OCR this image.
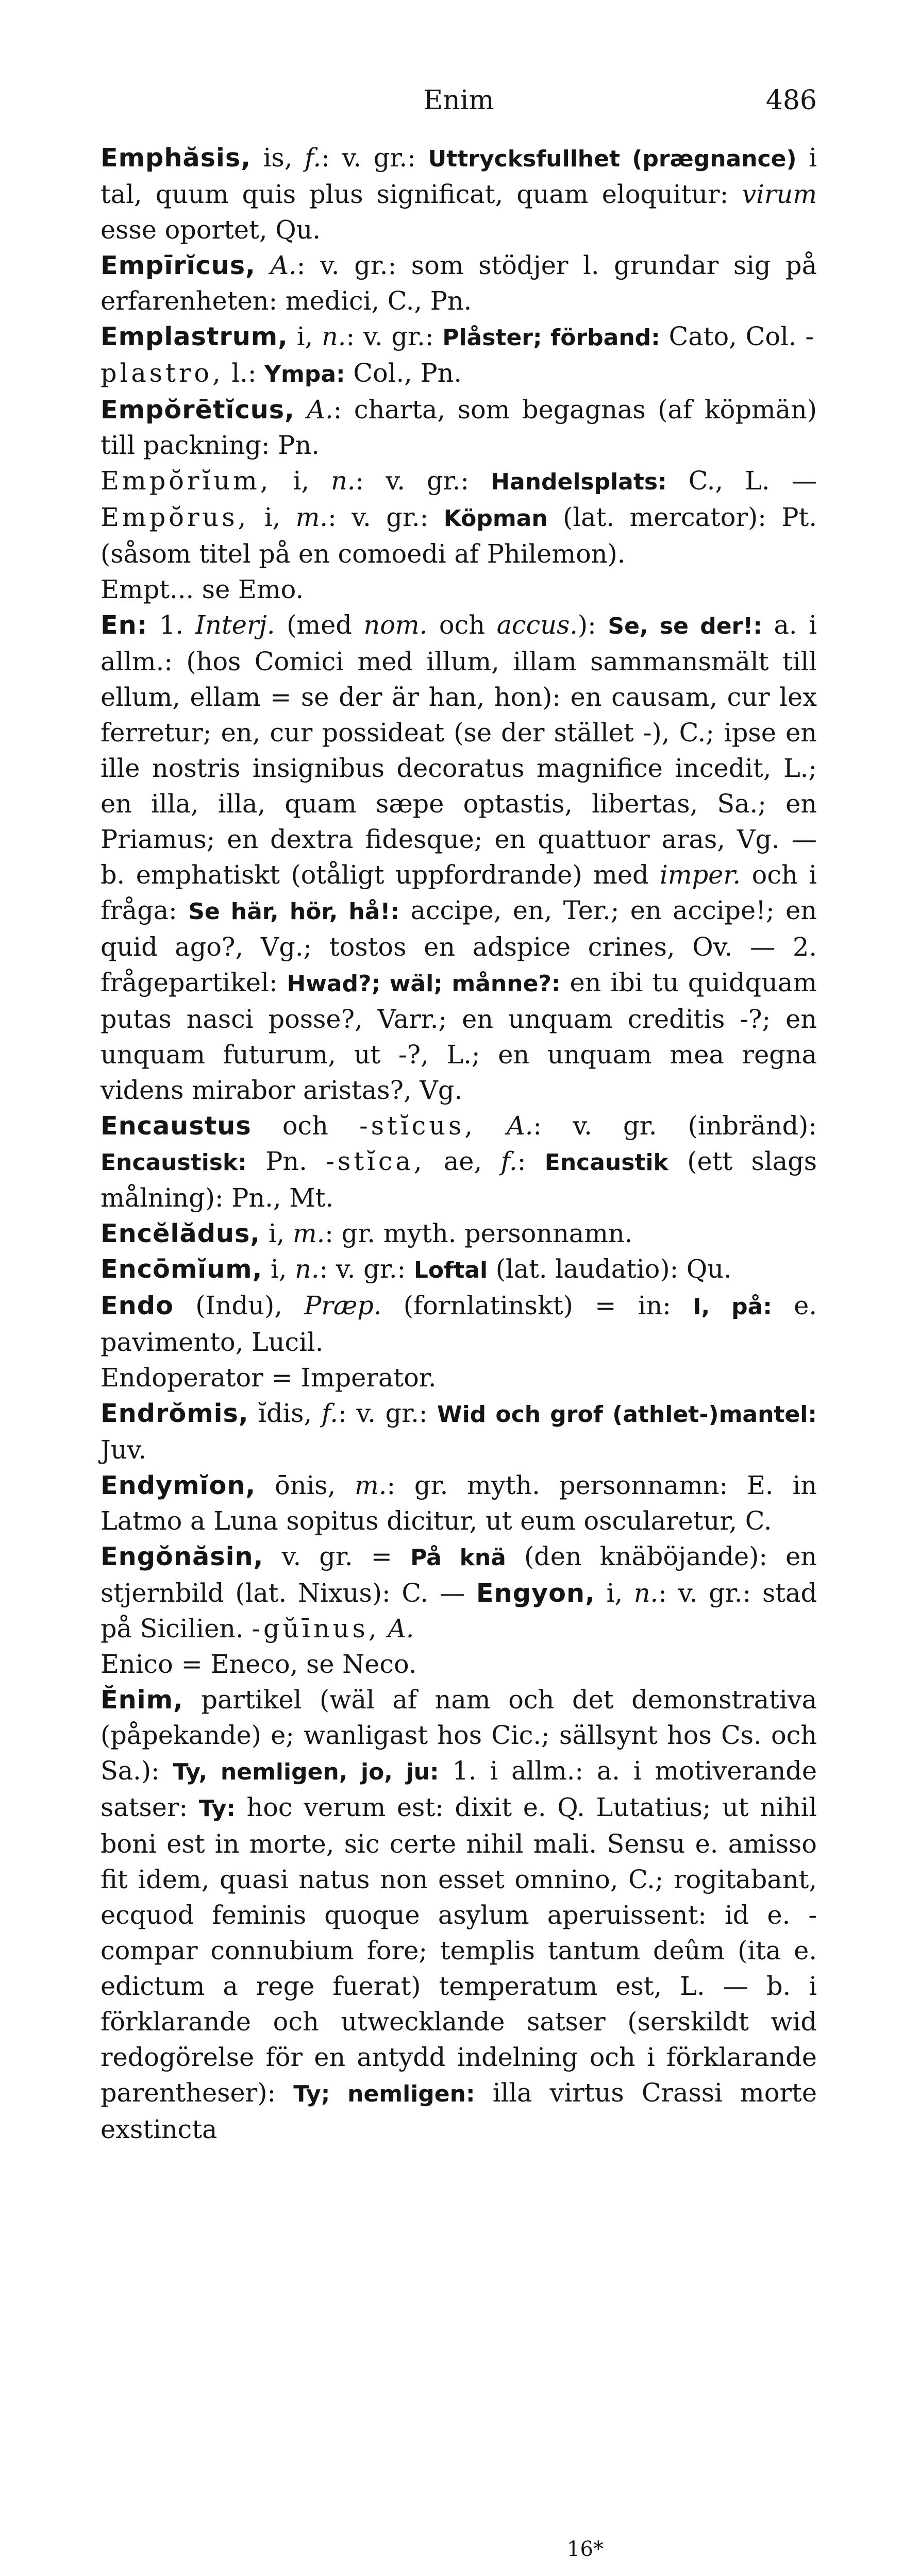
Enim	486

Emphăsis, is, f.: v. gr.: Uttrycksfullhet (prægnance) i tal, quum quis plus significat, quam eloquitur: virum esse oportet, Qu.

Empīrĭcus, A.: v. gr.: som stödjer l. grundar sig på erfarenheten: medici, C., Pn.

Emplastrum, i, n.: v. gr.: Plåster; förband: Cato, Col. -plastro, l.: Ympa: Col., Pn.

Empŏrētĭcus, A.: charta, som begagnas (af köpmän) till packning: Pn.

Empŏrĭum, i, n.: v. gr.: Handelsplats: C., L. — Empŏrus, i, m.: v. gr.: Köpman (lat. mercator): Pt. (såsom titel på en comoedi af Philemon).

Empt... se Emo.

En: 1. Interj. (med nom. och accus.): Se, se der!: a. i allm.: (hos Comici med illum, illam sammansmält till ellum, ellam = se der är han, hon): en causam, cur lex ferretur; en, cur possideat (se der stället -), C.; ipse en ille nostris insignibus decoratus magnifice incedit, L.; en illa, illa, quam sæpe optastis, libertas, Sa.; en Priamus; en dextra fidesque; en quattuor aras, Vg. — b. emphatiskt (otåligt uppfordrande) med imper. och i fråga: Se här, hör, hå!: accipe, en, Ter.; en accipe!; en quid ago?, Vg.; tostos en adspice crines, Ov. — 2. frågepartikel: Hwad?; wäl; månne?: en ibi tu quidquam putas nasci posse?, Varr.; en unquam creditis -?; en unquam futurum, ut -?, L.; en unquam mea regna videns mirabor aristas?, Vg.

Encaustus och -stĭcus, A.: v. gr. (inbränd): Encaustisk: Pn. -stĭca, ae, f.: Encaustik (ett slags målning): Pn., Mt.

Encĕlădus, i, m.: gr. myth. personnamn.

Encōmĭum, i, n.: v. gr.: Loftal (lat. laudatio): Qu.

Endo (Indu), Præp. (fornlatinskt) = in: I, på: e. pavimento, Lucil.

Endoperator = Imperator.

Endrŏmis, ĭdis, f.: v. gr.: Wid och grof (athlet-)mantel: Juv.

Endymĭon, ōnis, m.: gr. myth. personnamn: E. in Latmo a Luna sopitus dicitur, ut eum oscularetur, C.

Engŏnăsin, v. gr. = På knä (den knäböjande): en stjernbild (lat. Nixus): C. — Engyon, i, n.: v. gr.: stad på Sicilien. -gŭīnus, A.

Enico = Eneco, se Neco.

Ĕnim, partikel (wäl af nam och det demonstrativa (påpekande) e; wanligast hos Cic.; sällsynt hos Cs. och Sa.): Ty, nemligen, jo, ju: 1. i allm.: a. i motiverande satser: Ty: hoc verum est: dixit e. Q. Lutatius; ut nihil boni est in morte, sic certe nihil mali. Sensu e. amisso fit idem, quasi natus non esset omnino, C.; rogitabant, ecquod feminis quoque asylum aperuissent: id e. - compar connubium fore; templis tantum deûm (ita e. edictum a rege fuerat) temperatum est, L. — b. i förklarande och utwecklande satser (serskildt wid redogörelse för en antydd indelning och i förklarande parentheser): Ty; nemligen: illa virtus Crassi morte exstincta

16*
